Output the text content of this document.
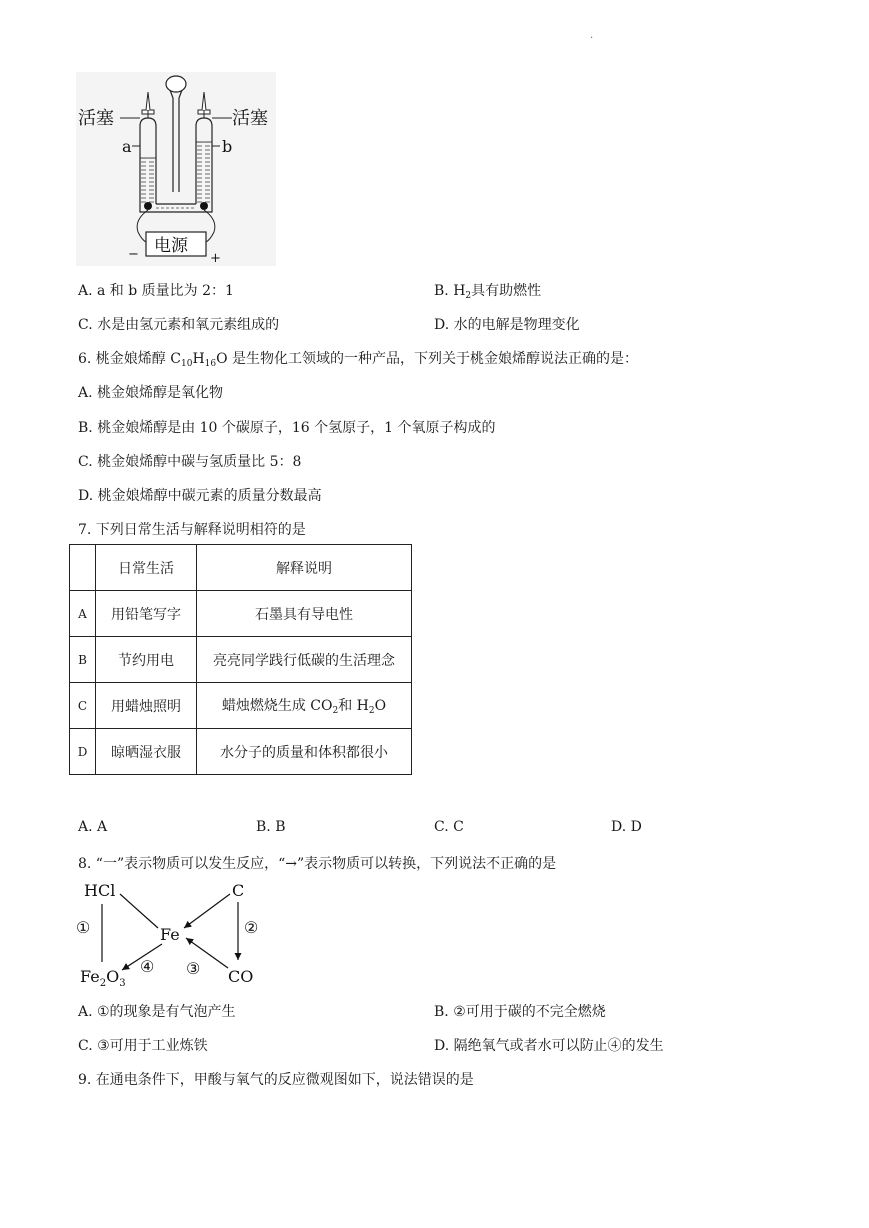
.
活塞	活塞
a	b
电源
−	+
A. a 和 b 质量比为 2：1	B. $H_2$具有助燃性
C. 水是由氢元素和氧元素组成的	D. 水的电解是物理变化
6. 桃金娘烯醇 $C_{10}H_{16}O$ 是生物化工领域的一种产品，下列关于桃金娘烯醇说法正确的是：
A. 桃金娘烯醇是氧化物
B. 桃金娘烯醇是由 10 个碳原子，16 个氢原子，1 个氧原子构成的
C. 桃金娘烯醇中碳与氢质量比 5：8
D. 桃金娘烯醇中碳元素的质量分数最高
7. 下列日常生活与解释说明相符的是
	日常生活	解释说明
A	用铅笔写字	石墨具有导电性
B	节约用电	亮亮同学践行低碳的生活理念
C	用蜡烛照明	蜡烛燃烧生成 $CO_2$和 $H_2O$
D	晾晒湿衣服	水分子的质量和体积都很小
A. A	B. B	C. C	D. D
8. “一”表示物质可以发生反应，“→”表示物质可以转换，下列说法不正确的是
HCl	C
Fe
CO
$Fe_2O_3$
①	②
③
④
A. ①的现象是有气泡产生	B. ②可用于碳的不完全燃烧
C. ③可用于工业炼铁	D. 隔绝氧气或者水可以防止④的发生
9. 在通电条件下，甲酸与氧气的反应微观图如下，说法错误的是
